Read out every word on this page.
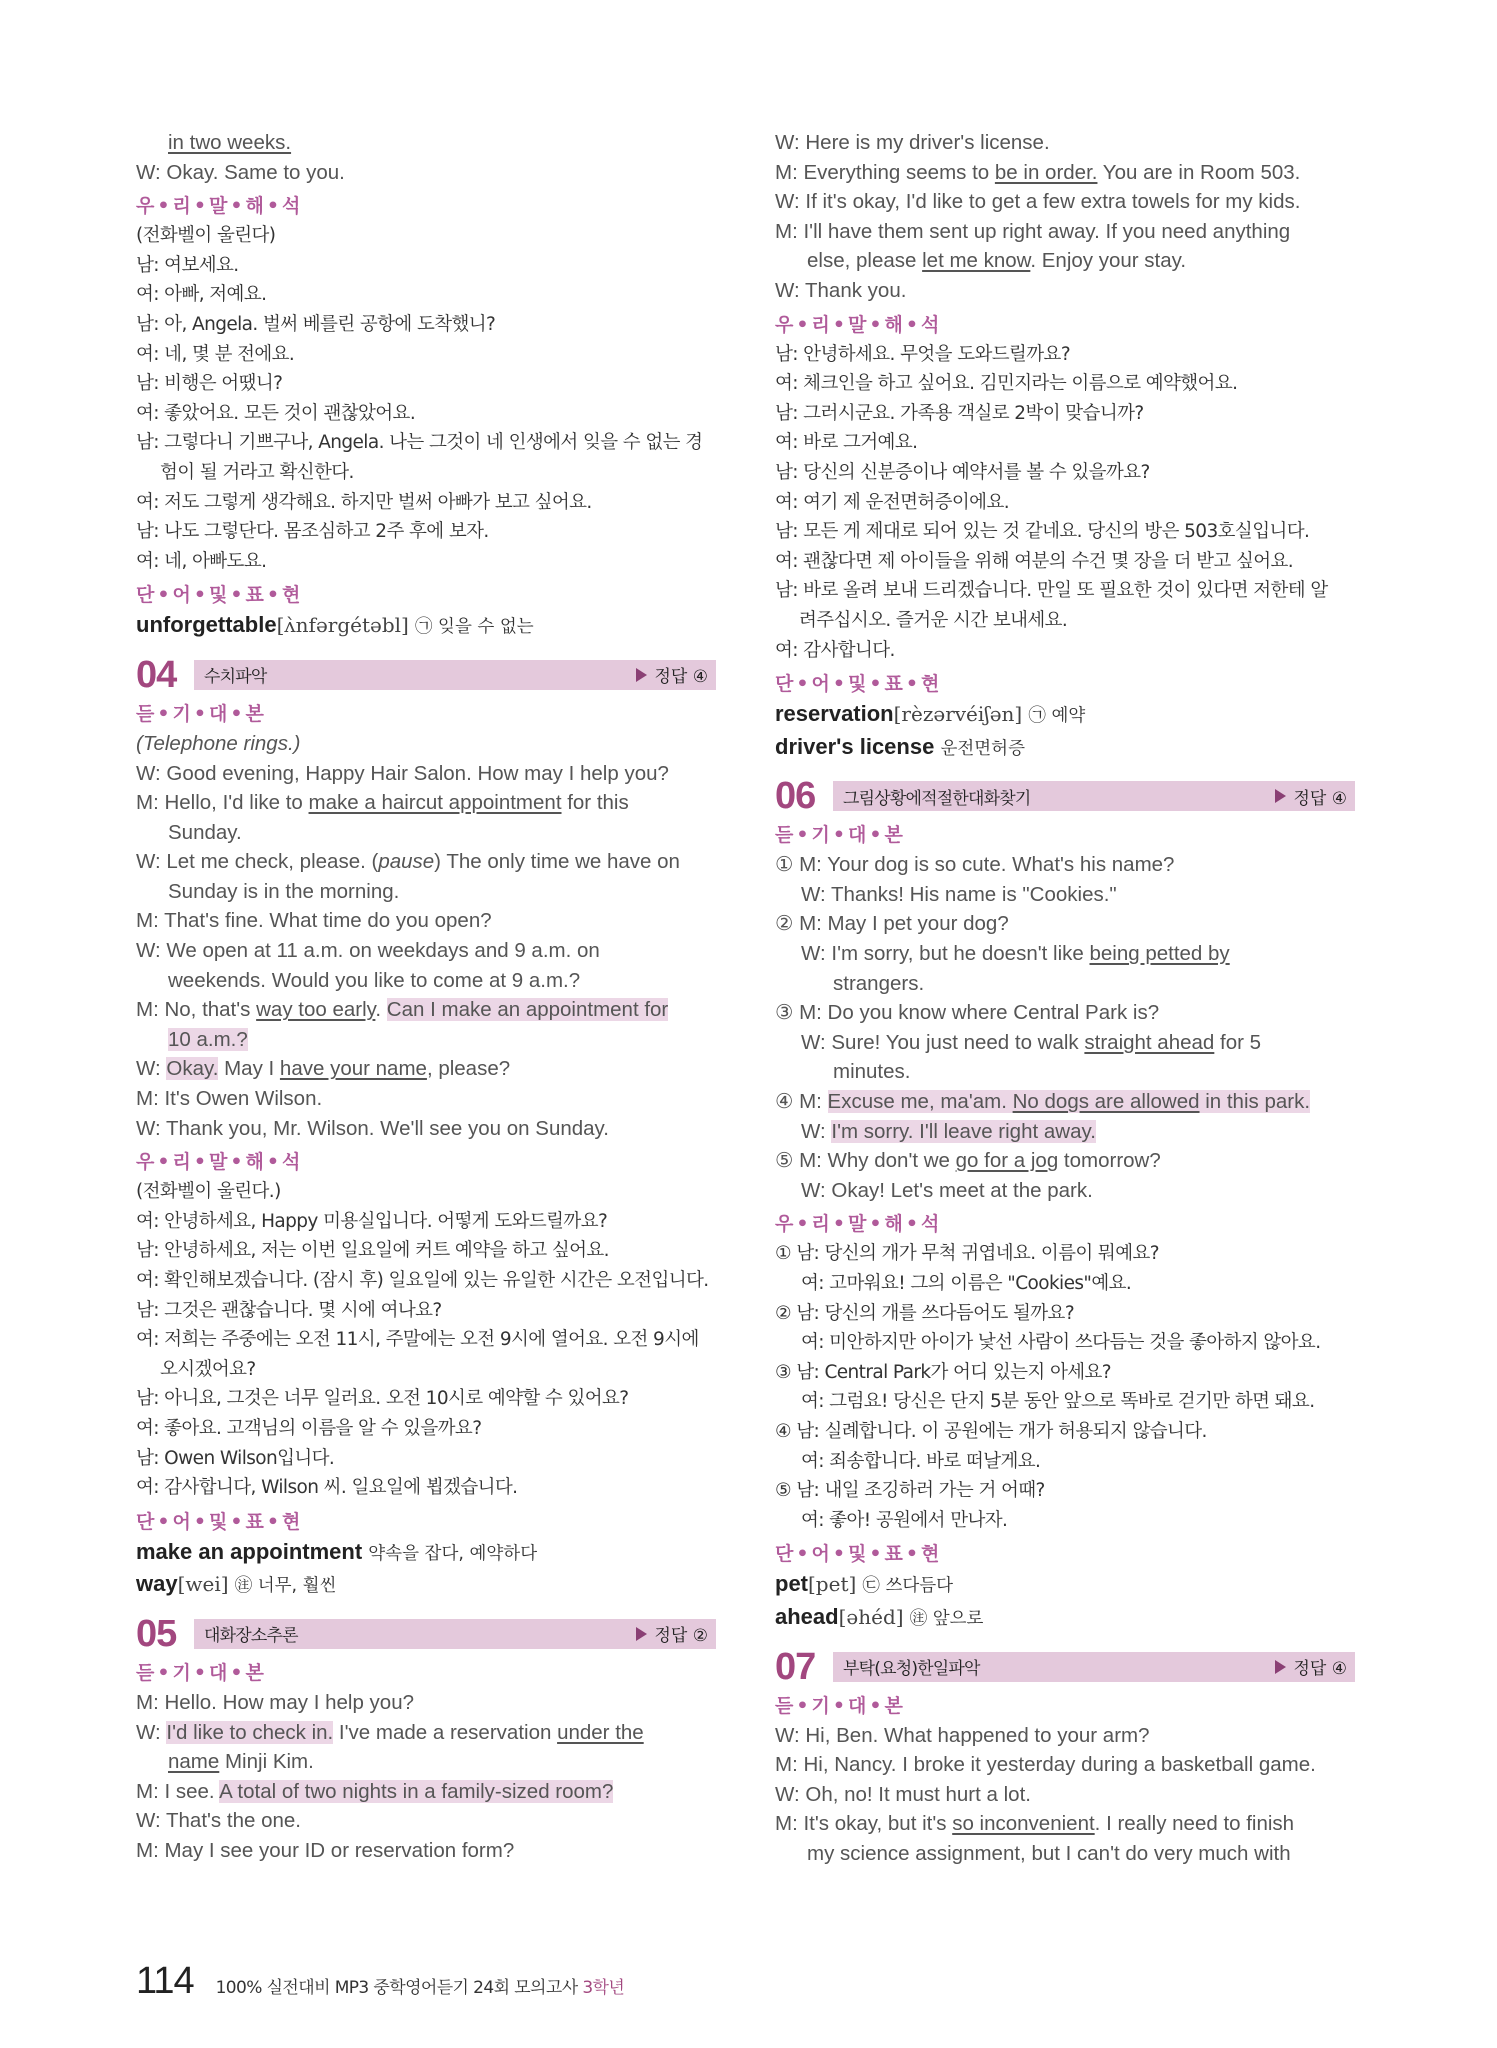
in two weeks.
W: Okay. Same to you.
우•리•말•해•석
(전화벨이 울린다)
남: 여보세요.
여: 아빠, 저예요.
남: 아, Angela. 벌써 베를린 공항에 도착했니?
여: 네, 몇 분 전에요.
남: 비행은 어땠니?
여: 좋았어요. 모든 것이 괜찮았어요.
남: 그렇다니 기쁘구나, Angela. 나는 그것이 네 인생에서 잊을 수 없는 경
험이 될 거라고 확신한다.
여: 저도 그렇게 생각해요. 하지만 벌써 아빠가 보고 싶어요.
남: 나도 그렇단다. 몸조심하고 2주 후에 보자.
여: 네, 아빠도요.
단•어•및•표•현
unforgettable[ʌ̀nfərgétəbl] ㉠ 잊을 수 없는
04	수치파악	정답 ④
듣•기•대•본
(Telephone rings.)
W: Good evening, Happy Hair Salon. How may I help you?
M: Hello, I'd like to make a haircut appointment for this
Sunday.
W: Let me check, please. (pause) The only time we have on
Sunday is in the morning.
M: That's fine. What time do you open?
W: We open at 11 a.m. on weekdays and 9 a.m. on
weekends. Would you like to come at 9 a.m.?
M: No, that's way too early. Can I make an appointment for
10 a.m.?
W: Okay. May I have your name, please?
M: It's Owen Wilson.
W: Thank you, Mr. Wilson. We'll see you on Sunday.
우•리•말•해•석
(전화벨이 울린다.)
여: 안녕하세요, Happy 미용실입니다. 어떻게 도와드릴까요?
남: 안녕하세요, 저는 이번 일요일에 커트 예약을 하고 싶어요.
여: 확인해보겠습니다. (잠시 후) 일요일에 있는 유일한 시간은 오전입니다.
남: 그것은 괜찮습니다. 몇 시에 여나요?
여: 저희는 주중에는 오전 11시, 주말에는 오전 9시에 열어요. 오전 9시에
오시겠어요?
남: 아니요, 그것은 너무 일러요. 오전 10시로 예약할 수 있어요?
여: 좋아요. 고객님의 이름을 알 수 있을까요?
남: Owen Wilson입니다.
여: 감사합니다, Wilson 씨. 일요일에 뵙겠습니다.
단•어•및•표•현
make an appointment 약속을 잡다, 예약하다
way[wei] ㊟ 너무, 훨씬
05	대화장소추론	정답 ②
듣•기•대•본
M: Hello. How may I help you?
W: I'd like to check in. I've made a reservation under the
name Minji Kim.
M: I see. A total of two nights in a family-sized room?
W: That's the one.
M: May I see your ID or reservation form?
W: Here is my driver's license.
M: Everything seems to be in order. You are in Room 503.
W: If it's okay, I'd like to get a few extra towels for my kids.
M: I'll have them sent up right away. If you need anything
else, please let me know. Enjoy your stay.
W: Thank you.
우•리•말•해•석
남: 안녕하세요. 무엇을 도와드릴까요?
여: 체크인을 하고 싶어요. 김민지라는 이름으로 예약했어요.
남: 그러시군요. 가족용 객실로 2박이 맞습니까?
여: 바로 그거예요.
남: 당신의 신분증이나 예약서를 볼 수 있을까요?
여: 여기 제 운전면허증이에요.
남: 모든 게 제대로 되어 있는 것 같네요. 당신의 방은 503호실입니다.
여: 괜찮다면 제 아이들을 위해 여분의 수건 몇 장을 더 받고 싶어요.
남: 바로 올려 보내 드리겠습니다. 만일 또 필요한 것이 있다면 저한테 알
려주십시오. 즐거운 시간 보내세요.
여: 감사합니다.
단•어•및•표•현
reservation[rèzərvéiʃən] ㉠ 예약
driver's license 운전면허증
06	그림상황에적절한대화찾기	정답 ④
듣•기•대•본
① M: Your dog is so cute. What's his name?
W: Thanks! His name is "Cookies."
② M: May I pet your dog?
W: I'm sorry, but he doesn't like being petted by
strangers.
③ M: Do you know where Central Park is?
W: Sure! You just need to walk straight ahead for 5
minutes.
④ M: Excuse me, ma'am. No dogs are allowed in this park.
W: I'm sorry. I'll leave right away.
⑤ M: Why don't we go for a jog tomorrow?
W: Okay! Let's meet at the park.
우•리•말•해•석
① 남: 당신의 개가 무척 귀엽네요. 이름이 뭐예요?
여: 고마워요! 그의 이름은 "Cookies"예요.
② 남: 당신의 개를 쓰다듬어도 될까요?
여: 미안하지만 아이가 낯선 사람이 쓰다듬는 것을 좋아하지 않아요.
③ 남: Central Park가 어디 있는지 아세요?
여: 그럼요! 당신은 단지 5분 동안 앞으로 똑바로 걷기만 하면 돼요.
④ 남: 실례합니다. 이 공원에는 개가 허용되지 않습니다.
여: 죄송합니다. 바로 떠날게요.
⑤ 남: 내일 조깅하러 가는 거 어때?
여: 좋아! 공원에서 만나자.
단•어•및•표•현
pet[pet] ㉢ 쓰다듬다
ahead[əhéd] ㊟ 앞으로
07	부탁(요청)한일파악	정답 ④
듣•기•대•본
W: Hi, Ben. What happened to your arm?
M: Hi, Nancy. I broke it yesterday during a basketball game.
W: Oh, no! It must hurt a lot.
M: It's okay, but it's so inconvenient. I really need to finish
my science assignment, but I can't do very much with
114 100% 실전대비 MP3 중학영어듣기 24회 모의고사 3학년
